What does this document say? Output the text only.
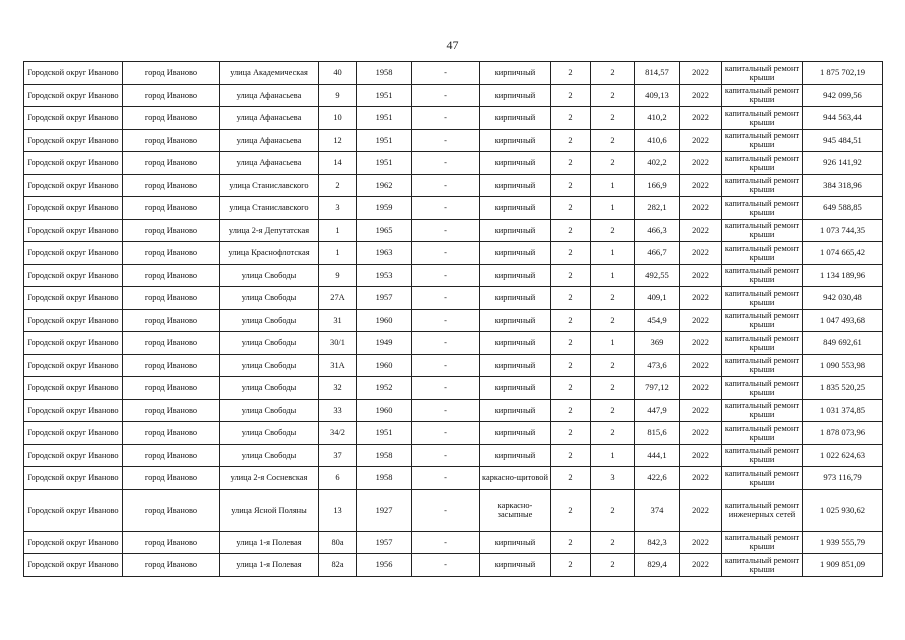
47
Городской округ Иваново	город Иваново	улица Академическая	40	1958	-	кирпичный	2	2	814,57	2022	капитальный ремонт крыши	1 875 702,19
Городской округ Иваново	город Иваново	улица Афанасьева	9	1951	-	кирпичный	2	2	409,13	2022	капитальный ремонт крыши	942 099,56
Городской округ Иваново	город Иваново	улица Афанасьева	10	1951	-	кирпичный	2	2	410,2	2022	капитальный ремонт крыши	944 563,44
Городской округ Иваново	город Иваново	улица Афанасьева	12	1951	-	кирпичный	2	2	410,6	2022	капитальный ремонт крыши	945 484,51
Городской округ Иваново	город Иваново	улица Афанасьева	14	1951	-	кирпичный	2	2	402,2	2022	капитальный ремонт крыши	926 141,92
Городской округ Иваново	город Иваново	улица Станиславского	2	1962	-	кирпичный	2	1	166,9	2022	капитальный ремонт крыши	384 318,96
Городской округ Иваново	город Иваново	улица Станиславского	3	1959	-	кирпичный	2	1	282,1	2022	капитальный ремонт крыши	649 588,85
Городской округ Иваново	город Иваново	улица 2-я Депутатская	1	1965	-	кирпичный	2	2	466,3	2022	капитальный ремонт крыши	1 073 744,35
Городской округ Иваново	город Иваново	улица Краснофлотская	1	1963	-	кирпичный	2	1	466,7	2022	капитальный ремонт крыши	1 074 665,42
Городской округ Иваново	город Иваново	улица Свободы	9	1953	-	кирпичный	2	1	492,55	2022	капитальный ремонт крыши	1 134 189,96
Городской округ Иваново	город Иваново	улица Свободы	27А	1957	-	кирпичный	2	2	409,1	2022	капитальный ремонт крыши	942 030,48
Городской округ Иваново	город Иваново	улица Свободы	31	1960	-	кирпичный	2	2	454,9	2022	капитальный ремонт крыши	1 047 493,68
Городской округ Иваново	город Иваново	улица Свободы	30/1	1949	-	кирпичный	2	1	369	2022	капитальный ремонт крыши	849 692,61
Городской округ Иваново	город Иваново	улица Свободы	31А	1960	-	кирпичный	2	2	473,6	2022	капитальный ремонт крыши	1 090 553,98
Городской округ Иваново	город Иваново	улица Свободы	32	1952	-	кирпичный	2	2	797,12	2022	капитальный ремонт крыши	1 835 520,25
Городской округ Иваново	город Иваново	улица Свободы	33	1960	-	кирпичный	2	2	447,9	2022	капитальный ремонт крыши	1 031 374,85
Городской округ Иваново	город Иваново	улица Свободы	34/2	1951	-	кирпичный	2	2	815,6	2022	капитальный ремонт крыши	1 878 073,96
Городской округ Иваново	город Иваново	улица Свободы	37	1958	-	кирпичный	2	1	444,1	2022	капитальный ремонт крыши	1 022 624,63
Городской округ Иваново	город Иваново	улица 2-я Сосневская	6	1958	-	каркасно-щитовой	2	3	422,6	2022	капитальный ремонт крыши	973 116,79
Городской округ Иваново	город Иваново	улица Ясной Поляны	13	1927	-	каркасно-засыпные	2	2	374	2022	капитальный ремонт инженерных сетей	1 025 930,62
Городской округ Иваново	город Иваново	улица 1-я Полевая	80а	1957	-	кирпичный	2	2	842,3	2022	капитальный ремонт крыши	1 939 555,79
Городской округ Иваново	город Иваново	улица 1-я Полевая	82а	1956	-	кирпичный	2	2	829,4	2022	капитальный ремонт крыши	1 909 851,09
